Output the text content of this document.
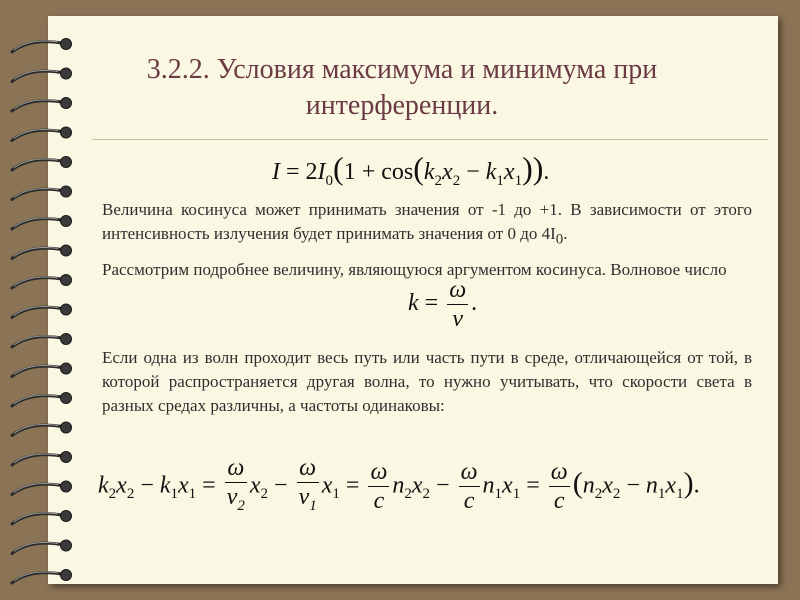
3.2.2. Условия максимума и минимума при интерференции.
$I = 2I_0(1 + \cos(k_2x_2 - k_1x_1))$.
Величина косинуса может принимать значения от -1 до +1. В зависимости от этого интенсивность излучения будет принимать значения от 0 до $4I_0$.
Рассмотрим подробнее величину, являющуюся аргументом косинуса. Волновое число
$k = \frac{\omega}{v}$ .
Если одна из волн проходит весь путь или часть пути в среде, отличающейся от той, в которой распространяется другая волна, то нужно учитывать, что скорости света в разных средах различны, а частоты одинаковы:
$k_2x_2 - k_1x_1 = \frac{\omega}{v_2} x_2 - \frac{\omega}{v_1} x_1 = \frac{\omega}{c} n_2x_2 - \frac{\omega}{c} n_1x_1 = \frac{\omega}{c} (n_2x_2 - n_1x_1)$.
